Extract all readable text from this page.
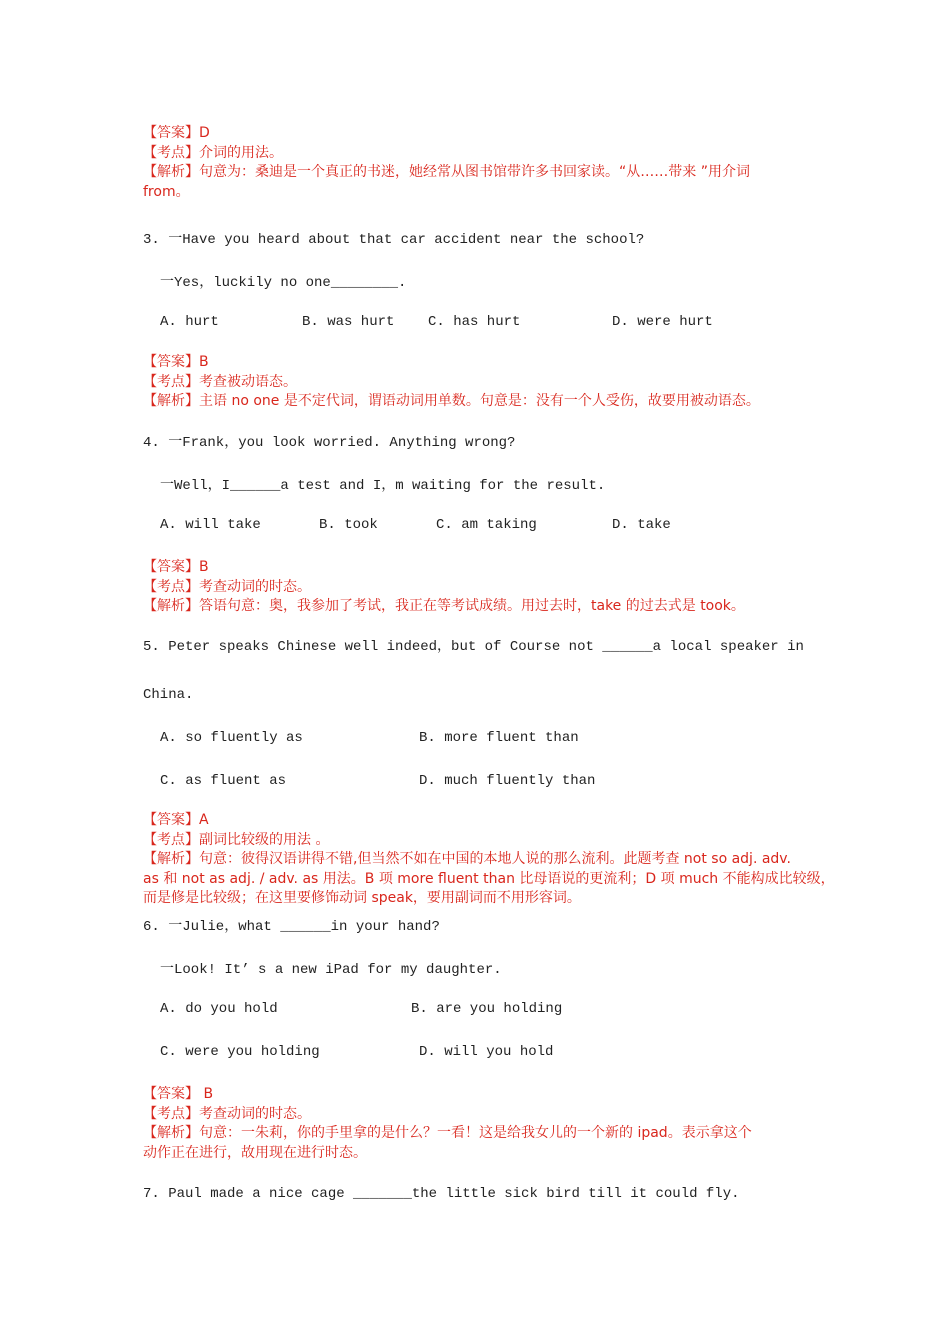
【答案】D

【考点】介词的用法。

【解析】句意为：桑迪是一个真正的书迷，她经常从图书馆带许多书回家读。“从……带来 ”用介词

from。

3. 一Have you heard about that car accident near the school?
一Yes，luckily no one________.
A. hurt	B. was hurt C. has hurt	D. were hurt

【答案】B

【考点】考查被动语态。

【解析】主语 no one 是不定代词，谓语动词用单数。句意是：没有一个人受伤，故要用被动语态。

4. 一Frank，you look worried. Anything wrong?
一Well，I______a test and I，m waiting for the result.
A. will take	B. took	C. am taking	D. take

【答案】B

【考点】考查动词的时态。

【解析】答语句意：奥，我参加了考试，我正在等考试成绩。用过去时，take 的过去式是 took。

5. Peter speaks Chinese well indeed，but of Course not ______a local speaker in
China.
A. so fluently as	B. more fluent than
C. as fluent as	D. much fluently than

【答案】A

【考点】副词比较级的用法 。

【解析】句意：彼得汉语讲得不错,但当然不如在中国的本地人说的那么流利。此题考查 not so adj. adv.

as 和 not as adj. / adv. as 用法。B 项 more fluent than 比母语说的更流利；D 项 much 不能构成比较级，

而是修是比较级；在这里要修饰动词 speak，要用副词而不用形容词。

6. 一Julie，what ______in your hand?
一Look! It’ s a new iPad for my daughter.
A. do you hold	B. are you holding
C. were you holding	D. will you hold

【答案】 B

【考点】考查动词的时态。

【解析】句意：一朱莉，你的手里拿的是什么？一看！这是给我女儿的一个新的 ipad。表示拿这个

动作正在进行，故用现在进行时态。

7. Paul made a nice cage _______the little sick bird till it could fly.
